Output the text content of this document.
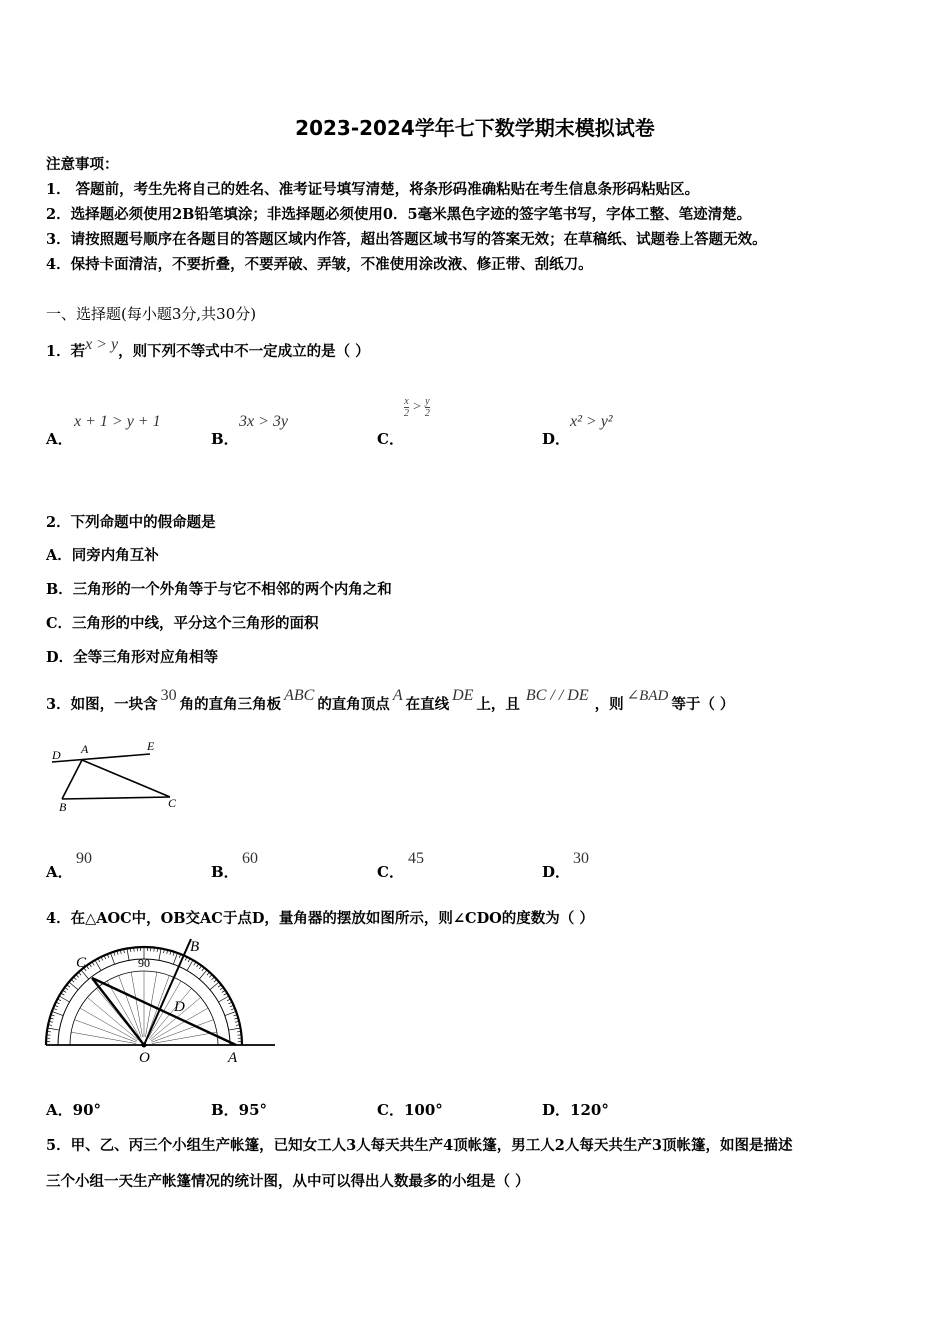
2023-2024学年七下数学期末模拟试卷
注意事项：
1． 答题前，考生先将自己的姓名、准考证号填写清楚，将条形码准确粘贴在考生信息条形码粘贴区。
2．选择题必须使用2B铅笔填涂；非选择题必须使用0．5毫米黑色字迹的签字笔书写，字体工整、笔迹清楚。
3．请按照题号顺序在各题目的答题区域内作答，超出答题区域书写的答案无效；在草稿纸、试题卷上答题无效。
4．保持卡面清洁，不要折叠，不要弄破、弄皱，不准使用涂改液、修正带、刮纸刀。
一、选择题(每小题3分,共30分)
1．若x > y，则下列不等式中不一定成立的是（ ）
A．
x + 1 > y + 1
B．
3x > 3y
C．
$\frac{x}{2} > \frac{y}{2}$
D．
x² > y²
2．下列命题中的假命题是
A．同旁内角互补
B．三角形的一个外角等于与它不相邻的两个内角之和
C．三角形的中线，平分这个三角形的面积
D．全等三角形对应角相等
3．如图，一块含30角的直角三角板ABC的直角顶点A在直线DE上，且BC / / DE，则 ∠BAD 等于（ ）
D A	E
B	C
A．
90
B．
60
C．
45
D．
30
4．在△AOC中，OB交AC于点D，量角器的摆放如图所示，则∠CDO的度数为（ ）
C	90
B
D
O	A
A．90°	B．95°	C．100°	D．120°
5．甲、乙、丙三个小组生产帐篷，已知女工人3人每天共生产4顶帐篷，男工人2人每天共生产3顶帐篷，如图是描述
三个小组一天生产帐篷情况的统计图，从中可以得出人数最多的小组是（ ）
